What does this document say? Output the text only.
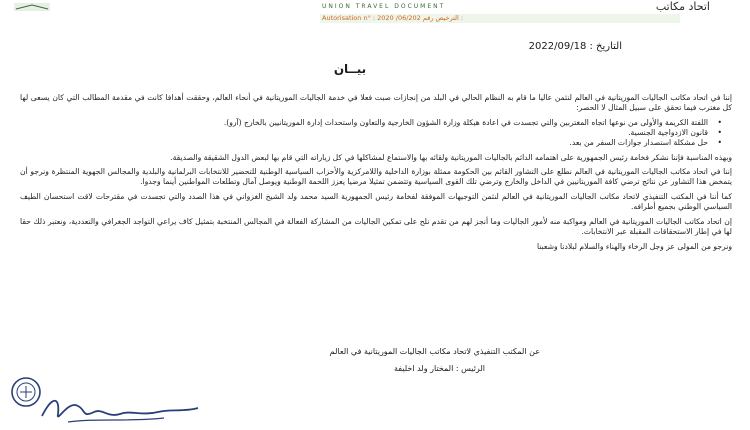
اتحاد مكاتب
UNION TRAVEL DOCUMENT
Autorisation n° : 2020 /06/202 الترخيص رقم :
التاريخ : 2022/09/18
بيــان

إننا في اتحاد مكاتب الجاليات الموريتانية في العالم لنثمن عاليا ما قام به النظام الحالي في البلد من إنجازات صبت فعلا في خدمة الجاليات الموريتانية في أنحاء العالم، وحققت أهدافا كانت في مقدمة المطالب التي كان يسعى لها كل مغترب فيما تحقق على سبيل المثال لا الحصر:

• اللفتة الكريمة والأولى من نوعها اتجاه المغتربين والتي تجسدت في اعادة هيكلة وزارة الشؤون الخارجية والتعاون واستحداث إدارة الموريتانيين بالخارج (آرو).
• قانون الازدواجية الجنسية.
• حل مشكلة استصدار جوازات السفر من بعد.

وبهذه المناسبة فإننا نشكر فخامة رئيس الجمهورية على اهتمامه الدائم بالجاليات الموريتانية ولقائه بها والاستماع لمشاكلها في كل زياراته التي قام بها لبعض الدول الشقيقة والصديقة.

إننا في اتحاد مكاتب الجاليات الموريتانية في العالم نطلع على التشاور القائم بين الحكومة ممثلة بوزارة الداخلية واللامركزية والأحزاب السياسية الوطنية للتحضير للانتخابات البرلمانية والبلدية والمجالس الجهوية المنتظرة ونرجو أن يتمخض هذا التشاور عن نتائج ترضي كافة الموريتانيين في الداخل والخارج وترضي تلك القوى السياسية وتتضمن تمثيلا مرضيا يعزز اللحمة الوطنية ويوصل آمال وتطلعات المواطنين أينما وجدوا.

كما أننا في المكتب التنفيذي لاتحاد مكاتب الجاليات الموريتانية في العالم لنثمن التوجيهات الموفقة لفخامة رئيس الجمهورية السيد محمد ولد الشيخ الغزواني في هذا الصدد والتي تجسدت في مقترحات لاقت استحسان الطيف السياسي الوطني بجميع أطرافه.

إن اتحاد مكاتب الجاليات الموريتانية في العالم ومواكبة منه لأمور الجاليات وما أنجز لهم من تقدم نلح على تمكين الجاليات من المشاركة الفعالة في المجالس المنتخبة بتمثيل كاف يراعي التواجد الجغرافي والتعددية، ونعتبر ذلك حقا لها في إطار الاستحقاقات المقبلة عبر الانتخابات.

ونرجو من المولى عز وجل الرخاء والهناء والسلام لبلادنا وشعبنا

عن المكتب التنفيذي لاتحاد مكاتب الجاليات الموريتانية في العالم
الرئيس : المختار ولد اخليفة
